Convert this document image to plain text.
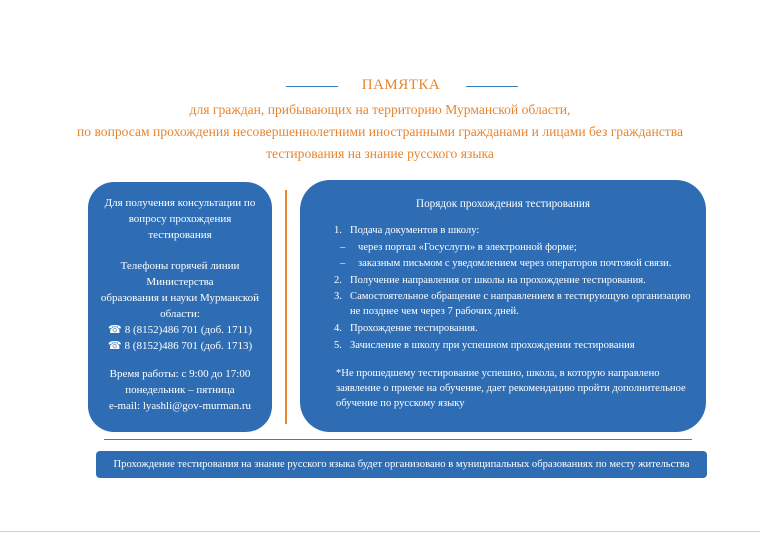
ПАМЯТКА
для граждан, прибывающих на территорию Мурманской области,
по вопросам прохождения несовершеннолетними иностранными гражданами и лицами без гражданства
тестирования на знание русского языка
Для получения консультации по
вопросу прохождения
тестирования
Телефоны горячей линии
Министерства
образования и науки Мурманской
области:
☎ 8 (8152)486 701 (доб. 1711)
☎ 8 (8152)486 701 (доб. 1713)
Время работы: с 9:00 до 17:00
понедельник – пятница
e-mail: lyashli@gov-murman.ru
Порядок прохождения тестирования
1. Подача документов в школу:
– через портал «Госуслуги» в электронной форме;
– заказным письмом с уведомлением через операторов почтовой связи.
2. Получение направления от школы на прохождение тестирования.
3. Самостоятельное обращение с направлением в тестирующую организацию не позднее чем через 7 рабочих дней.
4. Прохождение тестирования.
5. Зачисление в школу при успешном прохождении тестирования
*Не прошедшему тестирование успешно, школа, в которую направлено заявление о приеме на обучение, дает рекомендацию пройти дополнительное обучение по русскому языку
Прохождение тестирования на знание русского языка будет организовано в муниципальных образованиях по месту жительства
